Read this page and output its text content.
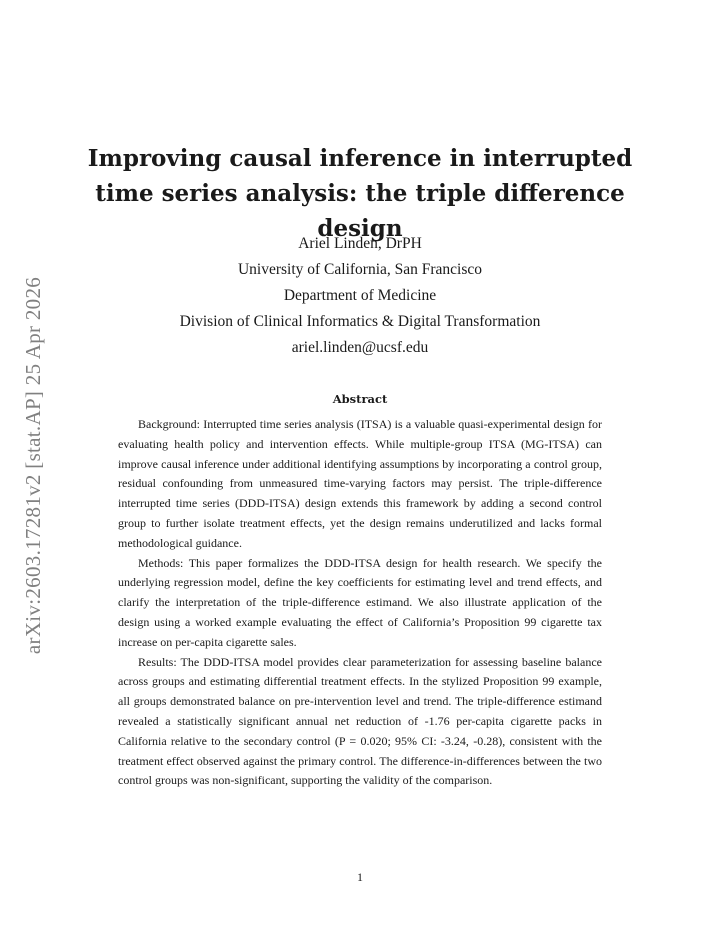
arXiv:2603.17281v2 [stat.AP] 25 Apr 2026
Improving causal inference in interrupted time series analysis: the triple difference design
Ariel Linden, DrPH
University of California, San Francisco
Department of Medicine
Division of Clinical Informatics & Digital Transformation
ariel.linden@ucsf.edu
Abstract

Background: Interrupted time series analysis (ITSA) is a valuable quasi-experimental design for evaluating health policy and intervention effects. While multiple-group ITSA (MG-ITSA) can improve causal inference under additional identifying assumptions by incorporating a control group, residual confounding from unmeasured time-varying factors may persist. The triple-difference interrupted time series (DDD-ITSA) design extends this framework by adding a second control group to further isolate treatment effects, yet the design remains underutilized and lacks formal methodological guidance.

Methods: This paper formalizes the DDD-ITSA design for health research. We specify the underlying regression model, define the key coefficients for estimating level and trend effects, and clarify the interpretation of the triple-difference estimand. We also illustrate application of the design using a worked example evaluating the effect of California’s Proposition 99 cigarette tax increase on per-capita cigarette sales.

Results: The DDD-ITSA model provides clear parameterization for assessing baseline balance across groups and estimating differential treatment effects. In the stylized Proposition 99 example, all groups demonstrated balance on pre-intervention level and trend. The triple-difference estimand revealed a statistically significant annual net reduction of -1.76 per-capita cigarette packs in California relative to the secondary control (P = 0.020; 95% CI: -3.24, -0.28), consistent with the treatment effect observed against the primary control. The difference-in-differences between the two control groups was non-significant, supporting the validity of the comparison.

1
